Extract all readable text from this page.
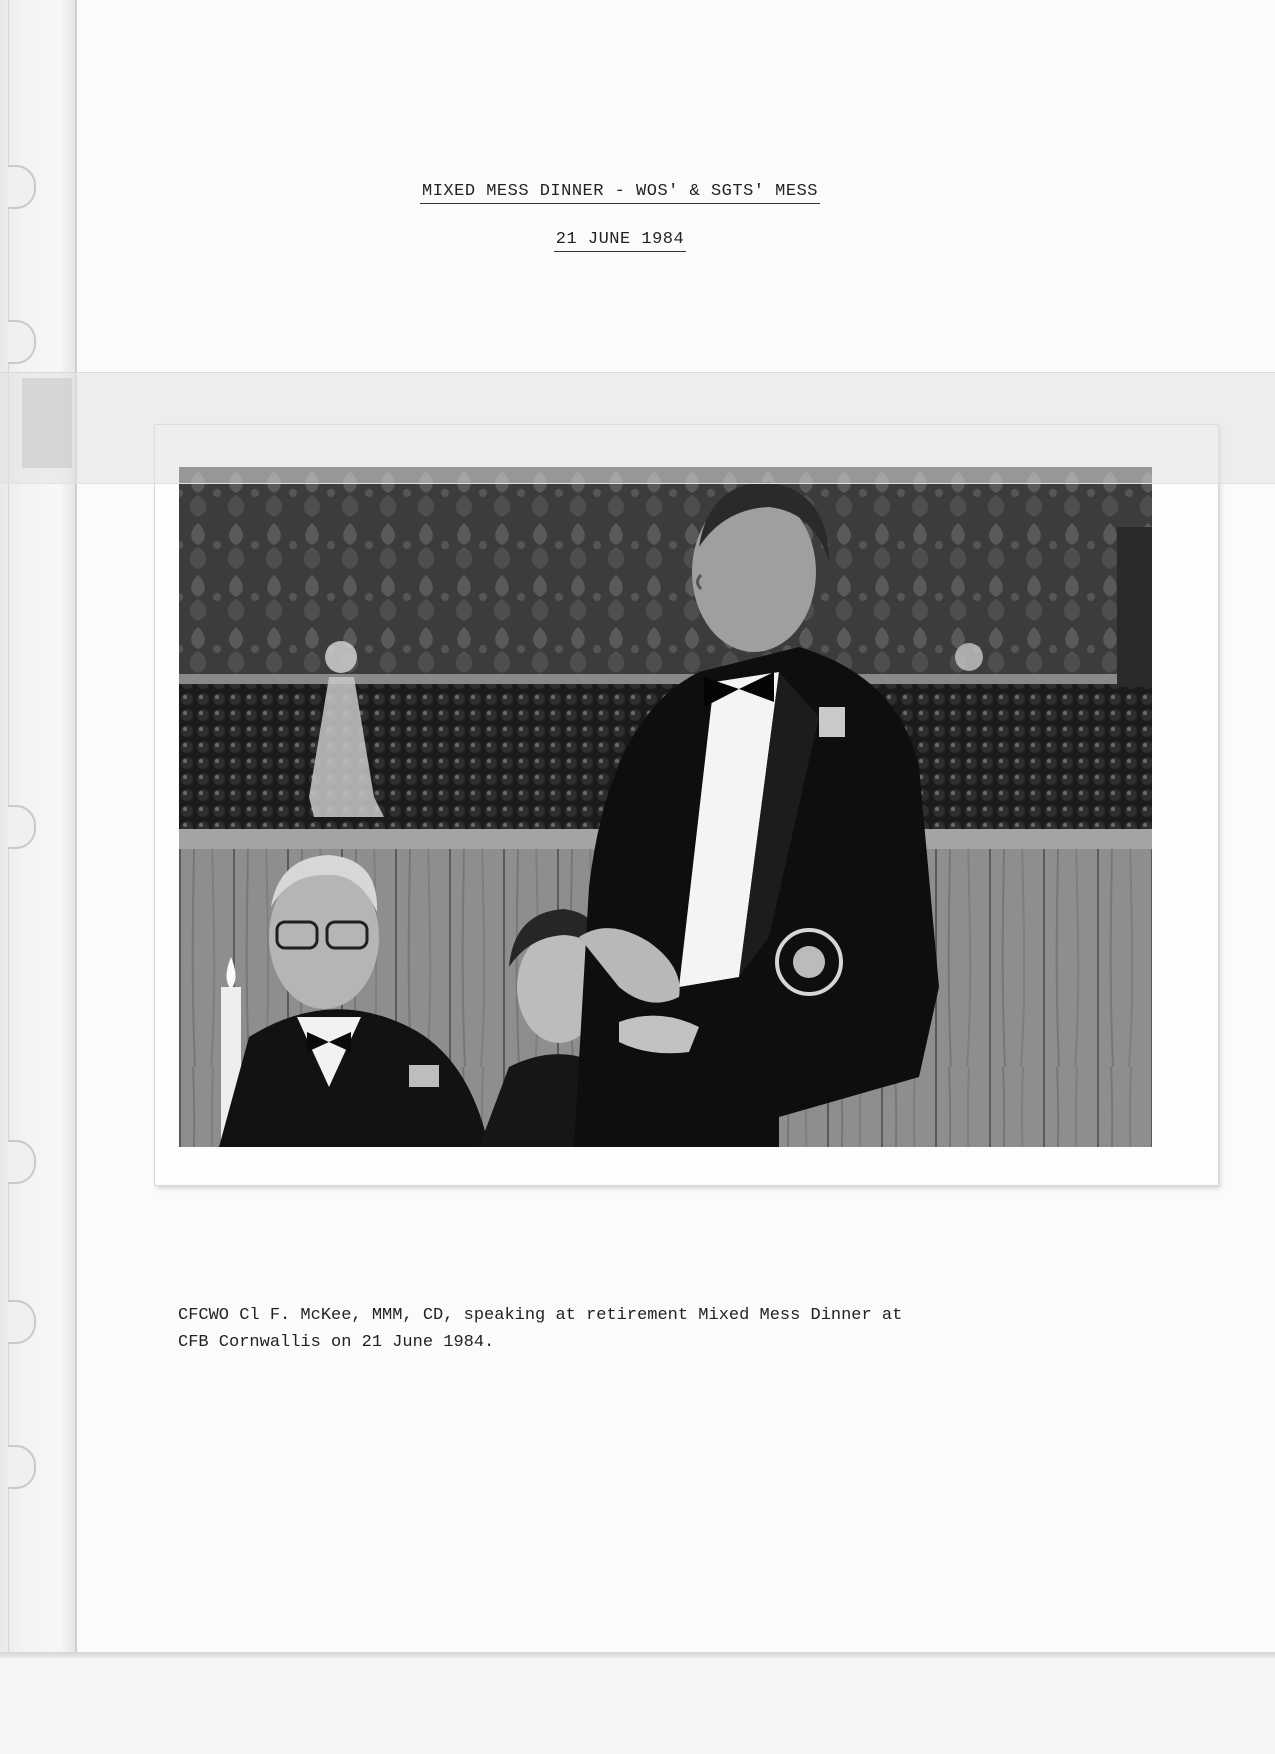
MIXED MESS DINNER - WOS' & SGTS' MESS
21 JUNE 1984
CFCWO Cl F. McKee, MMM, CD, speaking at retirement Mixed Mess Dinner at
CFB Cornwallis on 21 June 1984.
